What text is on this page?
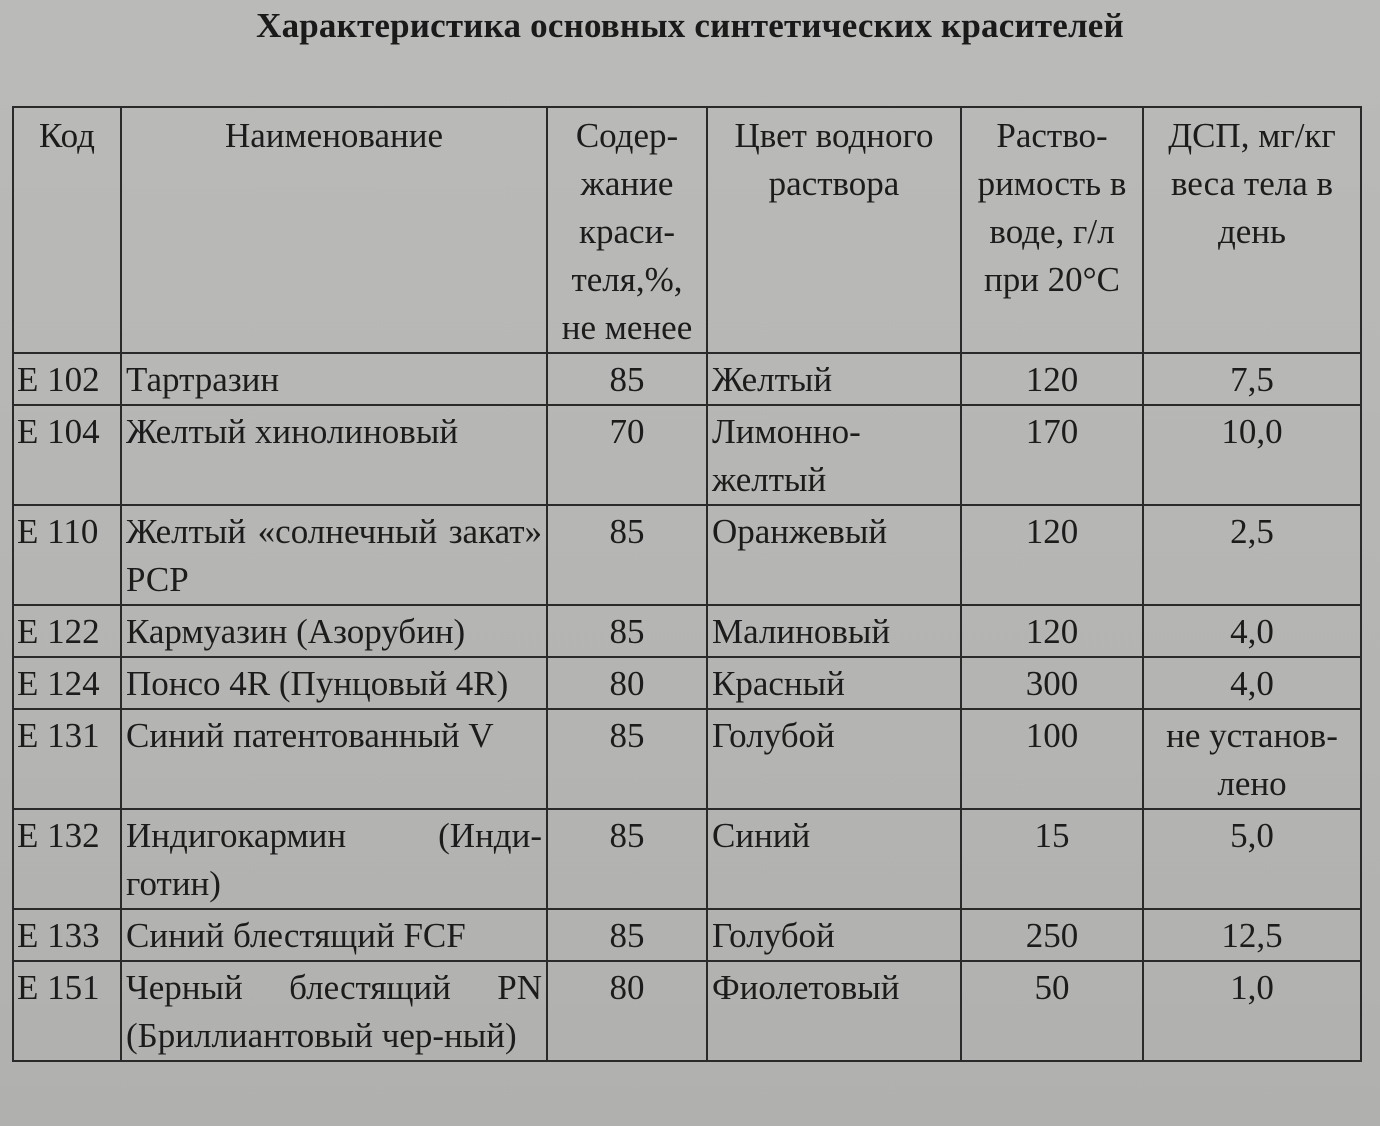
Характеристика основных синтетических красителей
Код	Наименование	Содер-жание краси-теля,%, не менее	Цвет водного раствора	Раство-римость в воде, г/л при 20°С	ДСП, мг/кг веса тела в день
Е 102	Тартразин	85	Желтый	120	7,5
Е 104	Желтый хинолиновый	70	Лимонно-желтый	170	10,0
Е 110	Желтый «солнечный закат» РСР	85	Оранжевый	120	2,5
Е 122	Кармуазин (Азорубин)	85	Малиновый	120	4,0
Е 124	Понсо 4R (Пунцовый 4R)	80	Красный	300	4,0
Е 131	Синий патентованный V	85	Голубой	100	не установ-лено
Е 132	Индигокармин (Инди-готин)	85	Синий	15	5,0
Е 133	Синий блестящий FCF	85	Голубой	250	12,5
Е 151	Черный блестящий PN (Бриллиантовый чер-ный)	80	Фиолетовый	50	1,0
